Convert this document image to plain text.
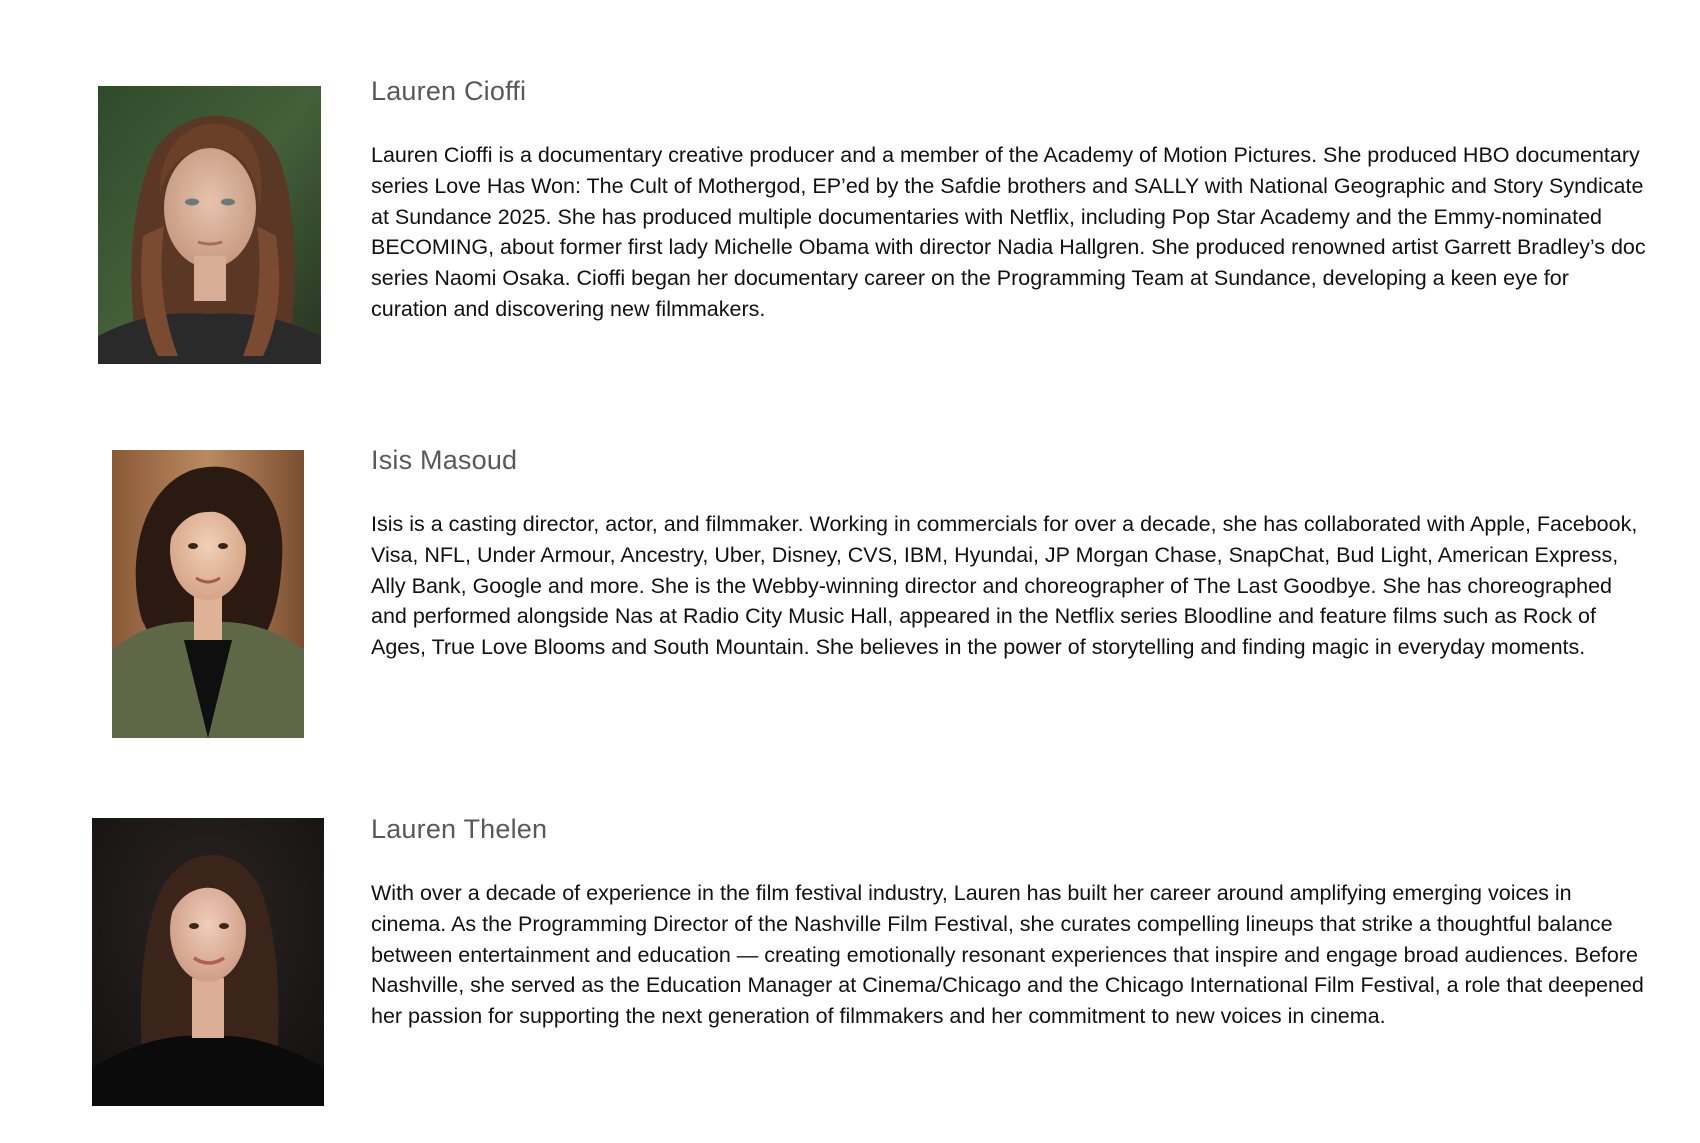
Lauren Cioffi

Lauren Cioffi is a documentary creative producer and a member of the Academy of Motion Pictures. She produced HBO documentary series Love Has Won: The Cult of Mothergod, EP’ed by the Safdie brothers and SALLY with National Geographic and Story Syndicate at Sundance 2025. She has produced multiple documentaries with Netflix, including Pop Star Academy and the Emmy-nominated BECOMING, about former first lady Michelle Obama with director Nadia Hallgren. She produced renowned artist Garrett Bradley’s doc series Naomi Osaka. Cioffi began her documentary career on the Programming Team at Sundance, developing a keen eye for curation and discovering new filmmakers.

Isis Masoud

Isis is a casting director, actor, and filmmaker. Working in commercials for over a decade, she has collaborated with Apple, Facebook, Visa, NFL, Under Armour, Ancestry, Uber, Disney, CVS, IBM, Hyundai, JP Morgan Chase, SnapChat, Bud Light, American Express, Ally Bank, Google and more. She is the Webby-winning director and choreographer of The Last Goodbye. She has choreographed and performed alongside Nas at Radio City Music Hall, appeared in the Netflix series Bloodline and feature films such as Rock of Ages, True Love Blooms and South Mountain. She believes in the power of storytelling and finding magic in everyday moments.

Lauren Thelen

With over a decade of experience in the film festival industry, Lauren has built her career around amplifying emerging voices in cinema. As the Programming Director of the Nashville Film Festival, she curates compelling lineups that strike a thoughtful balance between entertainment and education — creating emotionally resonant experiences that inspire and engage broad audiences. Before Nashville, she served as the Education Manager at Cinema/Chicago and the Chicago International Film Festival, a role that deepened her passion for supporting the next generation of filmmakers and her commitment to new voices in cinema.
